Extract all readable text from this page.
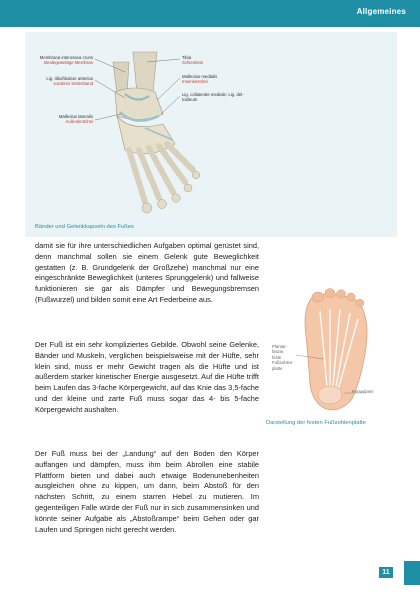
Allgemeines
Membrana interossea cruris
Bindegewebige Membran
Lig. tibiofibulare anterius
vorderes Seitenband
Malleolus lateralis
Außenknöchel
Tibia
Schienbein
Malleolus medialis
Innenknöchel
Lig. collaterale mediale; Lig. del-
toideum
Bänder und Gelenkkapseln des Fußes

damit sie für ihre unterschiedlichen Aufgaben optimal gerüstet sind, denn manchmal sollen sie einem Gelenk gute Beweglichkeit gestatten (z. B. Grundgelenk der Großzehe) manchmal nur eine eingeschränkte Beweglichkeit (unteres Sprunggelenk) und fallweise funktionieren sie gar als Dämpfer und Bewegungsbremsen (Fußwurzel) und bilden somit eine Art Federbeine aus.

Der Fuß ist ein sehr kompliziertes Gebilde. Obwohl seine Gelenke, Bänder und Muskeln, verglichen beispielsweise mit der Hüfte, sehr klein sind, muss er mehr Gewicht tragen als die Hüfte und ist außerdem starker kinetischer Energie ausgesetzt. Auf die Hüfte trifft beim Laufen das 3-fache Körpergewicht, auf das Knie das 3,5-fache und der kleine und zarte Fuß muss sogar das 4- bis 5-fache Körpergewicht aushalten.

Der Fuß muss bei der „Landung“ auf den Boden den Körper auffangen und dämpfen, muss ihm beim Abrollen eine stabile Plattform bieten und dabei auch etwaige Bodenunebenheiten ausgleichen ohne zu kippen, um dann, beim Abstoß für den nächsten Schritt, zu einem starren Hebel zu mutieren. Im gegenteiligen Falle würde der Fuß nur in sich zusammensinken und könnte seiner Aufgabe als „Abstoßrampe“ beim Gehen oder gar Laufen und Springen nicht gerecht werden.

Plantar-
faszie,
feste
Fußsohlen-
platte
Fersenbein
Darstellung der festen Fußsohlenplatte
11
